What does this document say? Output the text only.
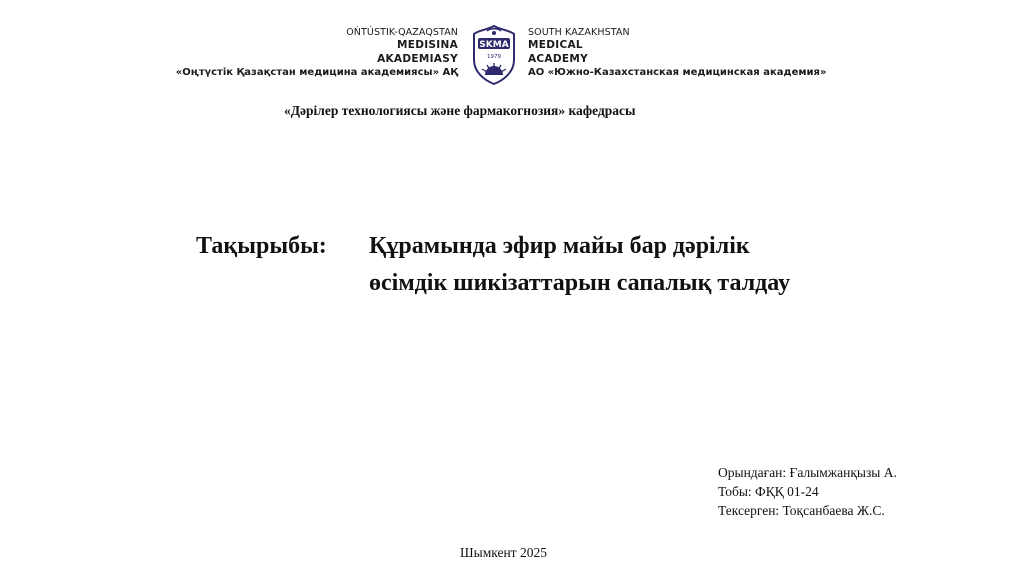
OŃTÚSTIK-QAZAQSTAN
MEDISINA
AKADEMIASY
«Оңтүстік Қазақстан медицина академиясы» АҚ
SKMA
1979
SOUTH KAZAKHSTAN
MEDICAL
ACADEMY
АО «Южно-Казахстанская медицинская академия»
«Дәрілер технологиясы және фармакогнозия» кафедрасы
Тақырыбы: Құрамында эфир майы бар дәрілік
өсімдік шикізаттарын сапалық талдау
Орындаған: Ғалымжанқызы А.
Тобы: ФҚҚ 01-24
Тексерген: Тоқсанбаева Ж.С.
Шымкент 2025
